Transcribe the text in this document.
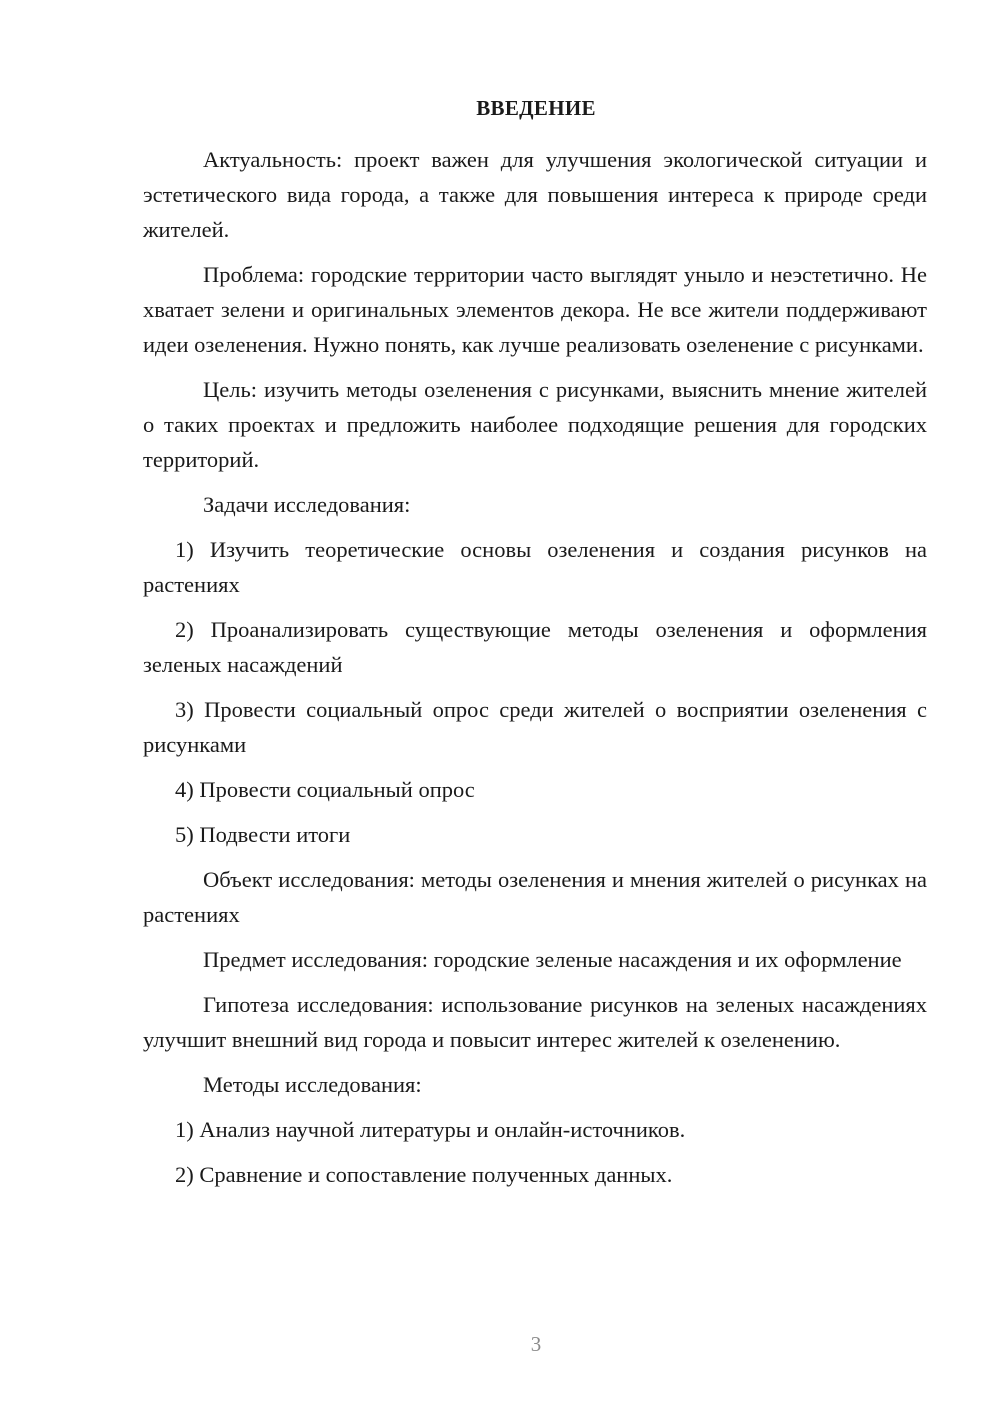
ВВЕДЕНИЕ

Актуальность: проект важен для улучшения экологической ситуации и эстетического вида города, а также для повышения интереса к природе среди жителей.

Проблема: городские территории часто выглядят уныло и неэстетично. Не хватает зелени и оригинальных элементов декора. Не все жители поддерживают идеи озеленения. Нужно понять, как лучше реализовать озеленение с рисунками.

Цель: изучить методы озеленения с рисунками, выяснить мнение жителей о таких проектах и предложить наиболее подходящие решения для городских территорий.

Задачи исследования:

1) Изучить теоретические основы озеленения и создания рисунков на растениях

2) Проанализировать существующие методы озеленения и оформления зеленых насаждений

3) Провести социальный опрос среди жителей о восприятии озеленения с рисунками

4) Провести социальный опрос

5) Подвести итоги

Объект исследования: методы озеленения и мнения жителей о рисунках на растениях

Предмет исследования: городские зеленые насаждения и их оформление

Гипотеза исследования: использование рисунков на зеленых насаждениях улучшит внешний вид города и повысит интерес жителей к озеленению.

Методы исследования:

1) Анализ научной литературы и онлайн-источников.

2) Сравнение и сопоставление полученных данных.

3
